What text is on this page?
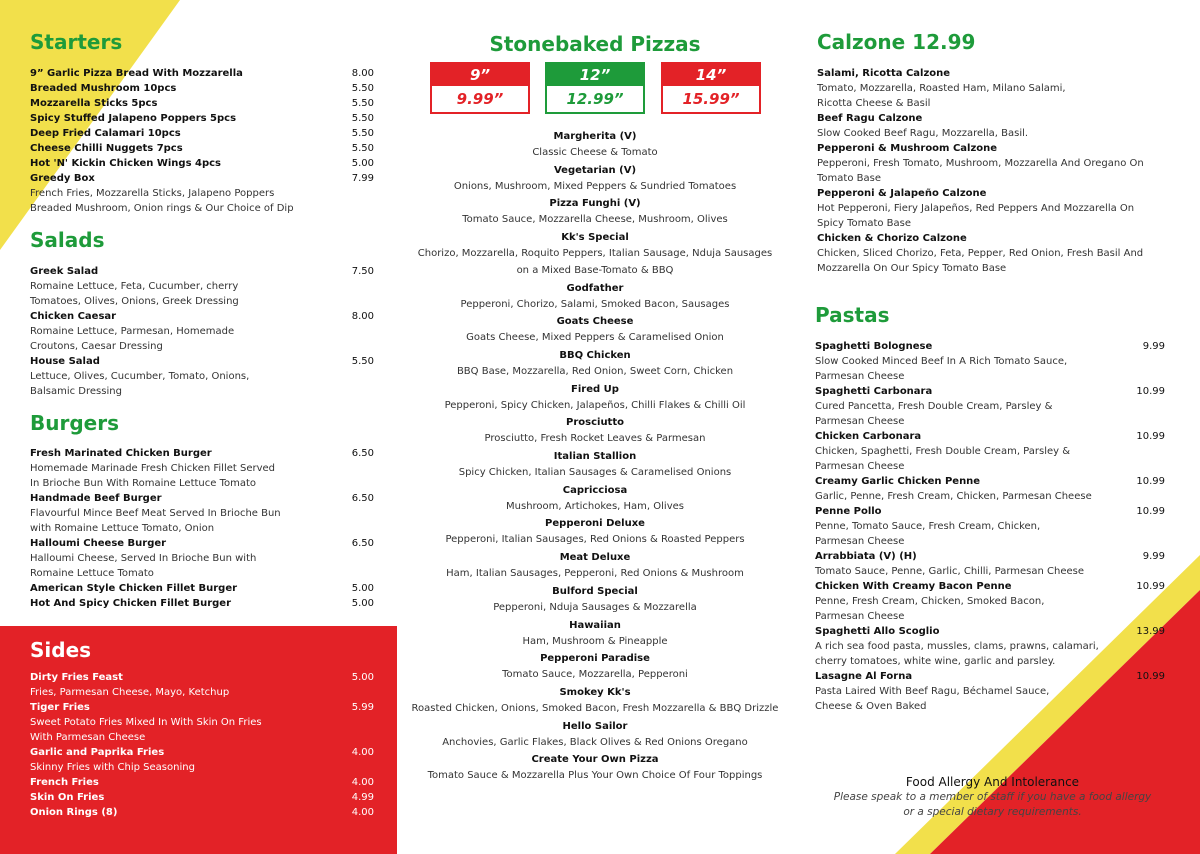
Starters
9” Garlic Pizza Bread With Mozzarella	8.00
Breaded Mushroom 10pcs	5.50
Mozzarella Sticks 5pcs	5.50
Spicy Stuffed Jalapeno Poppers 5pcs	5.50
Deep Fried Calamari 10pcs	5.50
Cheese Chilli Nuggets 7pcs	5.50
Hot 'N' Kickin Chicken Wings 4pcs	5.00
Greedy Box	7.99
French Fries, Mozzarella Sticks, Jalapeno Poppers
Breaded Mushroom, Onion rings & Our Choice of Dip
Salads
Greek Salad	7.50
Romaine Lettuce, Feta, Cucumber, cherry
Tomatoes, Olives, Onions, Greek Dressing
Chicken Caesar	8.00
Romaine Lettuce, Parmesan, Homemade
Croutons, Caesar Dressing
House Salad	5.50
Lettuce, Olives, Cucumber, Tomato, Onions,
Balsamic Dressing
Burgers
Fresh Marinated Chicken Burger	6.50
Homemade Marinade Fresh Chicken Fillet Served
In Brioche Bun With Romaine Lettuce Tomato
Handmade Beef Burger	6.50
Flavourful Mince Beef Meat Served In Brioche Bun
with Romaine Lettuce Tomato, Onion
Halloumi Cheese Burger	6.50
Halloumi Cheese, Served In Brioche Bun with
Romaine Lettuce Tomato
American Style Chicken Fillet Burger	5.00
Hot And Spicy Chicken Fillet Burger	5.00
Sides
Dirty Fries Feast	5.00
Fries, Parmesan Cheese, Mayo, Ketchup
Tiger Fries	5.99
Sweet Potato Fries Mixed In With Skin On Fries
With Parmesan Cheese
Garlic and Paprika Fries	4.00
Skinny Fries with Chip Seasoning
French Fries	4.00
Skin On Fries	4.99
Onion Rings (8)	4.00
Stonebaked Pizzas
9”
9.99”
12”
12.99”
14”
15.99”
Margherita (V)
Classic Cheese & Tomato
Vegetarian (V)
Onions, Mushroom, Mixed Peppers & Sundried Tomatoes
Pizza Funghi (V)
Tomato Sauce, Mozzarella Cheese, Mushroom, Olives
Kk's Special
Chorizo, Mozzarella, Roquito Peppers, Italian Sausage, Nduja Sausages
on a Mixed Base-Tomato & BBQ
Godfather
Pepperoni, Chorizo, Salami, Smoked Bacon, Sausages
Goats Cheese
Goats Cheese, Mixed Peppers & Caramelised Onion
BBQ Chicken
BBQ Base, Mozzarella, Red Onion, Sweet Corn, Chicken
Fired Up
Pepperoni, Spicy Chicken, Jalapeños, Chilli Flakes & Chilli Oil
Prosciutto
Prosciutto, Fresh Rocket Leaves & Parmesan
Italian Stallion
Spicy Chicken, Italian Sausages & Caramelised Onions
Capricciosa
Mushroom, Artichokes, Ham, Olives
Pepperoni Deluxe
Pepperoni, Italian Sausages, Red Onions & Roasted Peppers
Meat Deluxe
Ham, Italian Sausages, Pepperoni, Red Onions & Mushroom
Bulford Special
Pepperoni, Nduja Sausages & Mozzarella
Hawaiian
Ham, Mushroom & Pineapple
Pepperoni Paradise
Tomato Sauce, Mozzarella, Pepperoni
Smokey Kk's
Roasted Chicken, Onions, Smoked Bacon, Fresh Mozzarella & BBQ Drizzle
Hello Sailor
Anchovies, Garlic Flakes, Black Olives & Red Onions Oregano
Create Your Own Pizza
Tomato Sauce & Mozzarella Plus Your Own Choice Of Four Toppings
Calzone 12.99
Salami, Ricotta Calzone
Tomato, Mozzarella, Roasted Ham, Milano Salami,
Ricotta Cheese & Basil
Beef Ragu Calzone
Slow Cooked Beef Ragu, Mozzarella, Basil.
Pepperoni & Mushroom Calzone
Pepperoni, Fresh Tomato, Mushroom, Mozzarella And Oregano On
Tomato Base
Pepperoni & Jalapeño Calzone
Hot Pepperoni, Fiery Jalapeños, Red Peppers And Mozzarella On
Spicy Tomato Base
Chicken & Chorizo Calzone
Chicken, Sliced Chorizo, Feta, Pepper, Red Onion, Fresh Basil And
Mozzarella On Our Spicy Tomato Base
Pastas
Spaghetti Bolognese	9.99
Slow Cooked Minced Beef In A Rich Tomato Sauce,
Parmesan Cheese
Spaghetti Carbonara	10.99
Cured Pancetta, Fresh Double Cream, Parsley &
Parmesan Cheese
Chicken Carbonara	10.99
Chicken, Spaghetti, Fresh Double Cream, Parsley &
Parmesan Cheese
Creamy Garlic Chicken Penne	10.99
Garlic, Penne, Fresh Cream, Chicken, Parmesan Cheese
Penne Pollo	10.99
Penne, Tomato Sauce, Fresh Cream, Chicken,
Parmesan Cheese
Arrabbiata (V) (H)	9.99
Tomato Sauce, Penne, Garlic, Chilli, Parmesan Cheese
Chicken With Creamy Bacon Penne	10.99
Penne, Fresh Cream, Chicken, Smoked Bacon,
Parmesan Cheese
Spaghetti Allo Scoglio	13.99
A rich sea food pasta, mussles, clams, prawns, calamari,
cherry tomatoes, white wine, garlic and parsley.
Lasagne Al Forna	10.99
Pasta Laired With Beef Ragu, Béchamel Sauce,
Cheese & Oven Baked
Food Allergy And Intolerance
Please speak to a member of staff if you have a food allergy
or a special dietary requirements.
